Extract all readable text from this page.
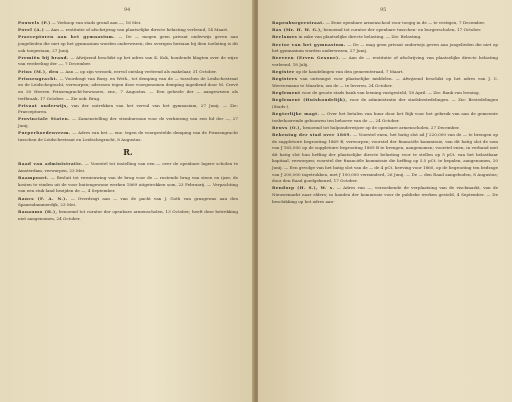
94

Pouwels (P.) — Verkoop van stads grond aan —, 16 Mei.

Povel (A.) — Aan — restitutie of afschrijving van plaatselijke directe belasting verleend, 14 Maart.

Praeceptoren aan het gymnasium. — De — mogen geen privaat onderwijs geven aan jongelieden die niet op het gymnasium worden onderwezen; des overigen bestaan bij dien toelating is dit ook toegestaan, 27 Junij.

Premiën bij brand. — Afwijzend beschikt op het adres van K. Kok, houdende klagten over de wijze van verdeeling der —, 7 December.

Prins (M.), den — Aan — op zijn verzoek, eervol ontslag verleend als makelaar, 31 October.

Prinsengracht. — Voordragt van Burg. en Weth., tot demping van de — tusschen de Leidschestraat en de Leidschegracht, verworpen; adressen tegen deze voorgenomen demping ingediend door M. Crevé en 30 Heeren Prinsengracht-bewoners, enz., 7 Augustus. — Een geheele der — aangewezen als terfbraak, 17 October. — Zie ook: Brug.

Privaat onderwijs, van der outrekken van het vervul van het gymnasium, 27 Junij. — Zie: Praeceptoren.

Provinciale Staten. — Zamenstelling der stembureaux voor de verkiezing van een lid der —, 27 Junij.

Purperhoedenveem. — Adres van het — enz. tegen de voorgestelde demping van de Prinsengracht tusschen de Leidschestraat en Leidschegracht, 8 Augustus.

R.

Raad van administratie. — Voorstel tot instelling van een — over de openbare lagere scholen te Amsterdam, verworpen, 23 Mei.

Raampoort. — Besluit tot vernieuwing van de brug voor de — rustende brug van steen en ijzer, de kosten te vinden uit de voor buitengewone werken 1869 uitgetrokken som, 23 Februarij. — Verpachting van een stuk land bezijden de —, 4 September.

Rancs (F. A. N.). — Overdragt aan — van de pacht van J. Goth van grasgewas aan den Spaarndammerdijk, 23 Mei.

Ranaumo (H.), benoemd tot curator der openbare armenscholen, 13 October; heeft deze betrekking niet aangenomen, 24 October.

95

Rapenburgerstraat. — Eene openbare armenschool voor toegig in de — te vestigen, 7 December.

Ras (Mr. H. W. G.), benoemd tot curator der openbare tusschen- en burgerscholen, 17 October.

Reclames in zake van plaatselijke directe belasting. — Zie: Belasting.

Rector van het gymnasium. — De — mag geen privaat onderwijs geven aan jongelieden die niet op het gymnasium worden onderwezen, 27 Junij.

Reeveen (Erven Gesone). — Aan de — restitutie of afschrijving van plaatselijke directe belasting verleend, 18 Julij.

Register op de handelingen van den gemeenteraad, 7 Maart.

Registers van ontvangst voor plaatselijke middelen. — Afwijzend beschikt op het adres van J. C. Weevermann te Maarlen, om de — te leveren, 24 October.

Reglement voor de groote stads bank van leening vastgesteld, 18 April. — Zie: Bank van leening.

Reglement (Huishoudelijk), voor de administratie der stadsbestedelingen. — Zie: Bestedelingen (Stads-).

Regterlijke magt. — Over het betalen van huur door het Rijk voor het gebruik van aan de gemeente toebehoorende gebouwen ten behoeve van de —, 24 October.

Reuvs (O.), benoemd tot hulponderwijzer op de openbare armenscholen, 27 December.

Rekening der stad over 1869. — Voorstel enen, het batig slot ad ƒ 220,000 van de — te brengen op de suppletoire begrooting 1869 B, verworpen; voorstel der financiële kommissie, van dit batig slot de som van ƒ 165,000 op de suppletoire begrooting 1869 B te brengen, aangenomen; voorstel enen, in verband met dit batig slot hun heffing der plaatselijke directe belasting voor te stellen op 5 pCt. van het belastbaar kapitaal, verworpen; voorstel der financiële kommissie die heffing op 5.5 pCt. te bepalen, aangenomen, 20 Junij. — Een gevolge van het batig slot van de — de 4 pCt. heeving voor 1860, op de begrooting ten bedrage van ƒ 200,000 ingetrokken, met ƒ 100,000 verminderd, 26 Junij. — De — den Raad aangeboden, 8 Augustus; door den Raad goedgekeurd, 17 October.

Rendorp (H. S.), W. s. — Adres van —, verzoekende de verplaatsing van de vischmarkt, van de Nieuwemarkt naar elders; in handen der kommissie voor de publieke werken gesteld, 4 September. — De beschikking op het adres aan-
